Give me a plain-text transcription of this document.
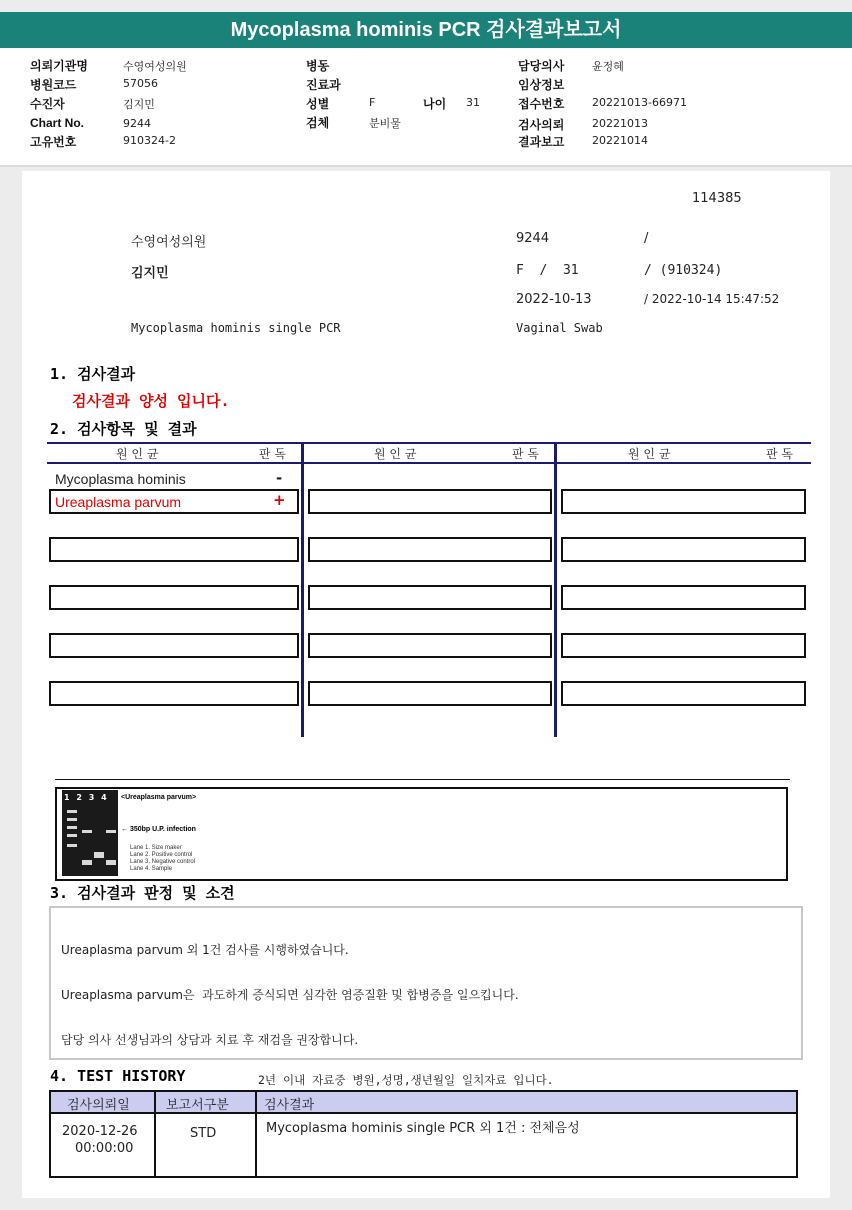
Mycoplasma hominis PCR 검사결과보고서
의뢰기관명	수영여성의원
병원코드	57056
수진자	김지민
Chart No.	9244
고유번호	910324-2
병동
진료과
성별	F	나이 31
검체	분비물
담당의사	윤정혜
임상정보
접수번호	20221013-66971
검사의뢰	20221013
결과보고	20221014
114385
수영여성의원	9244	/
김지민	F  /  31	/ (910324)
2022-10-13	/ 2022-10-14 15:47:52
Mycoplasma hominis single PCR	Vaginal Swab
1. 검사결과
검사결과 양성 입니다.
2. 검사항목 및 결과
원 인 균	판 독	원 인 균	판 독	원 인 균	판 독
Mycoplasma hominis	-
Ureaplasma parvum	+
1 2 3 4 <Ureaplasma parvum>
← 350bp U.P. infection
Lane 1. Size maker
Lane 2. Positive control
Lane 3. Negative control
Lane 4. Sample
3. 검사결과 판정 및 소견

Ureaplasma parvum 외 1건 검사를 시행하였습니다.

Ureaplasma parvum은  과도하게 증식되면 심각한 염증질환 및 합병증을 일으킵니다.

담당 의사 선생님과의 상담과 치료 후 재검을 권장합니다.

4. TEST HISTORY	2년 이내 자료중 병원,성명,생년월일 일치자료 입니다.
검사의뢰일	보고서구분	검사결과
2020-12-26
00:00:00
STD	Mycoplasma hominis single PCR 외 1건 : 전체음성
